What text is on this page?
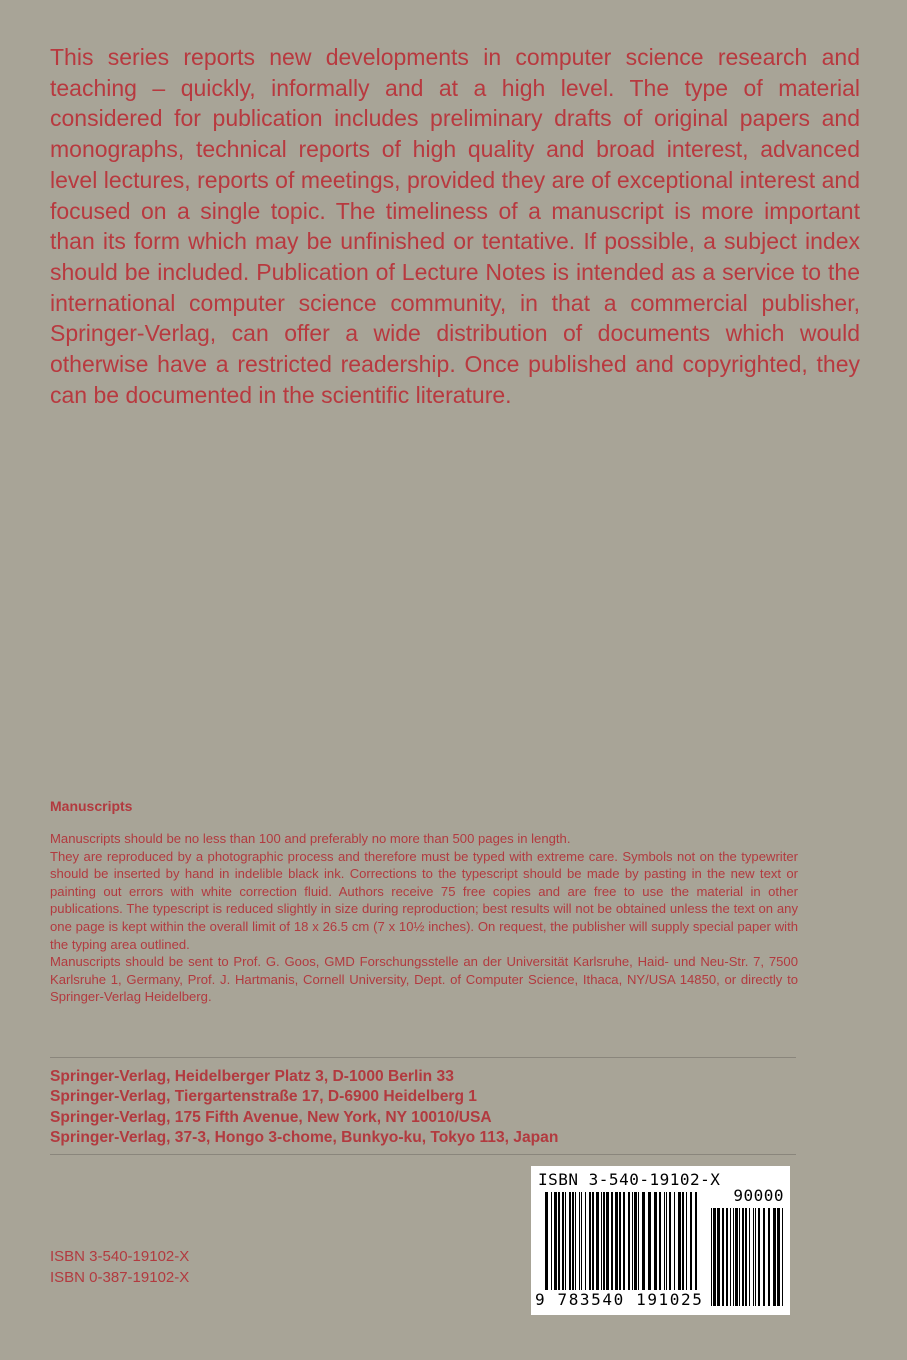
This series reports new developments in computer science research and teaching – quickly, informally and at a high level. The type of material considered for publication includes preliminary drafts of original papers and monographs, technical reports of high quality and broad interest, advanced level lectures, reports of meetings, provided they are of exceptional interest and focused on a single topic. The timeliness of a manuscript is more important than its form which may be unfinished or tentative. If possible, a subject index should be included. Publication of Lecture Notes is intended as a service to the international computer science community, in that a commercial publisher, Springer-Verlag, can offer a wide distribution of documents which would otherwise have a restricted readership. Once published and copyrighted, they can be documented in the scientific literature.

Manuscripts

Manuscripts should be no less than 100 and preferably no more than 500 pages in length.

They are reproduced by a photographic process and therefore must be typed with extreme care. Symbols not on the typewriter should be inserted by hand in indelible black ink. Corrections to the typescript should be made by pasting in the new text or painting out errors with white correction fluid. Authors receive 75 free copies and are free to use the material in other publications. The typescript is reduced slightly in size during reproduction; best results will not be obtained unless the text on any one page is kept within the overall limit of 18 x 26.5 cm (7 x 10½ inches). On request, the publisher will supply special paper with the typing area outlined.

Manuscripts should be sent to Prof. G. Goos, GMD Forschungsstelle an der Universität Karlsruhe, Haid- und Neu-Str. 7, 7500 Karlsruhe 1, Germany, Prof. J. Hartmanis, Cornell University, Dept. of Computer Science, Ithaca, NY/USA 14850, or directly to Springer-Verlag Heidelberg.

Springer-Verlag, Heidelberger Platz 3, D-1000 Berlin 33
Springer-Verlag, Tiergartenstraße 17, D-6900 Heidelberg 1
Springer-Verlag, 175 Fifth Avenue, New York, NY 10010/USA
Springer-Verlag, 37-3, Hongo 3-chome, Bunkyo-ku, Tokyo 113, Japan
ISBN 3-540-19102-X
ISBN 0-387-19102-X
ISBN 3-540-19102-X
90000
9 783540 191025
